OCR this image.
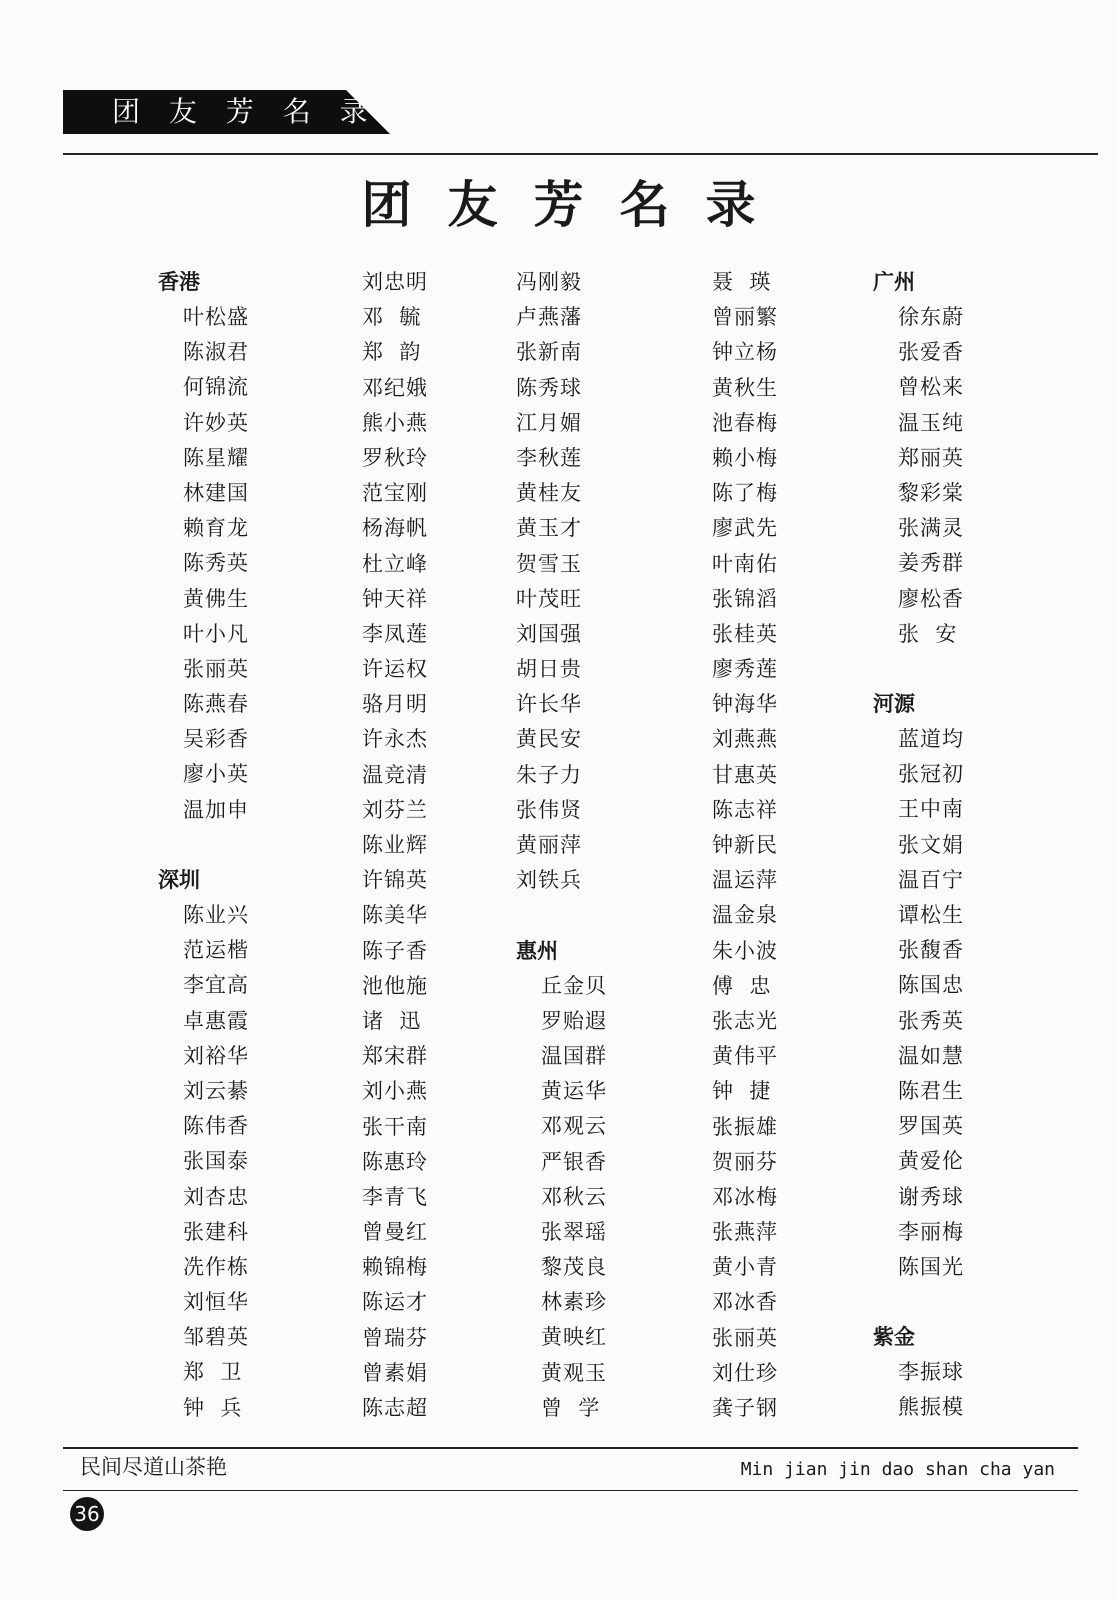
团 友 芳 名 录
团友芳名录
香港
叶松盛
陈淑君
何锦流
许妙英
陈星耀
林建国
赖育龙
陈秀英
黄佛生
叶小凡
张丽英
陈燕春
吴彩香
廖小英
温加申
深圳
陈业兴
范运楷
李宜高
卓惠霞
刘裕华
刘云綦
陈伟香
张国泰
刘杏忠
张建科
冼作栋
刘恒华
邹碧英
郑  卫
钟  兵
刘忠明
邓  毓
郑  韵
邓纪娥
熊小燕
罗秋玲
范宝刚
杨海帆
杜立峰
钟天祥
李凤莲
许运权
骆月明
许永杰
温竞清
刘芬兰
陈业辉
许锦英
陈美华
陈子香
池他施
诸  迅
郑宋群
刘小燕
张干南
陈惠玲
李青飞
曾曼红
赖锦梅
陈运才
曾瑞芬
曾素娟
陈志超
冯刚毅
卢燕藩
张新南
陈秀球
江月媚
李秋莲
黄桂友
黄玉才
贺雪玉
叶茂旺
刘国强
胡日贵
许长华
黄民安
朱子力
张伟贤
黄丽萍
刘铁兵
惠州
丘金贝
罗贻遐
温国群
黄运华
邓观云
严银香
邓秋云
张翠瑶
黎茂良
林素珍
黄映红
黄观玉
曾  学
聂  瑛
曾丽繁
钟立杨
黄秋生
池春梅
赖小梅
陈了梅
廖武先
叶南佑
张锦滔
张桂英
廖秀莲
钟海华
刘燕燕
甘惠英
陈志祥
钟新民
温运萍
温金泉
朱小波
傅  忠
张志光
黄伟平
钟  捷
张振雄
贺丽芬
邓冰梅
张燕萍
黄小青
邓冰香
张丽英
刘仕珍
龚子钢
广州
徐东蔚
张爱香
曾松来
温玉纯
郑丽英
黎彩棠
张满灵
姜秀群
廖松香
张  安
河源
蓝道均
张冠初
王中南
张文娟
温百宁
谭松生
张馥香
陈国忠
张秀英
温如慧
陈君生
罗国英
黄爱伦
谢秀球
李丽梅
陈国光
紫金
李振球
熊振模
民间尽道山茶艳	Min jian jin dao shan cha yan
36
